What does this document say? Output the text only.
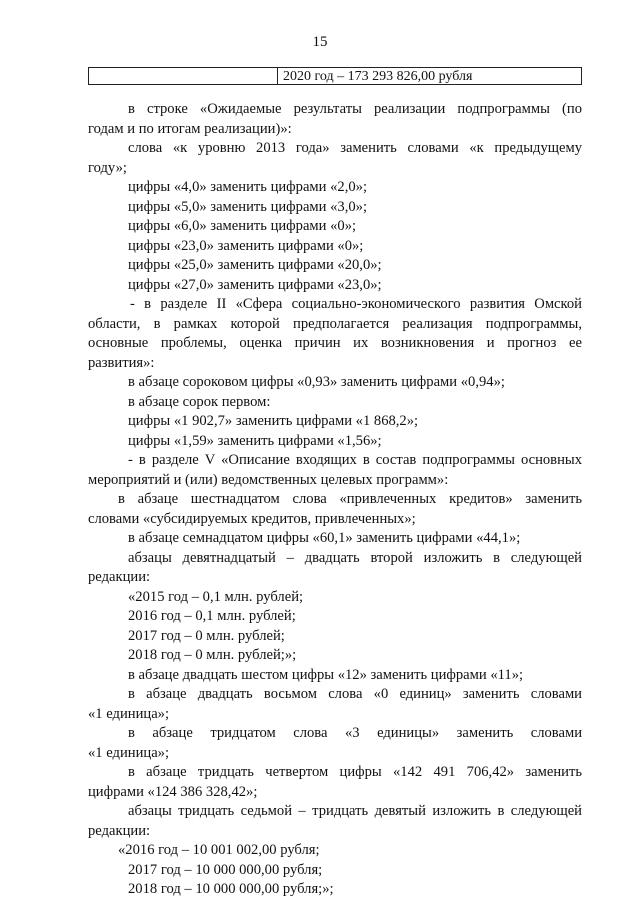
15
2020 год – 173 293 826,00 рубля

в строке «Ожидаемые результаты реализации подпрограммы (по

годам и по итогам реализации)»:

слова «к уровню 2013 года» заменить словами «к предыдущему

году»;

цифры «4,0» заменить цифрами «2,0»;

цифры «5,0» заменить цифрами «3,0»;

цифры «6,0» заменить цифрами «0»;

цифры «23,0» заменить цифрами «0»;

цифры «25,0» заменить цифрами «20,0»;

цифры «27,0» заменить цифрами «23,0»;

- в разделе II «Сфера социально-экономического развития Омской

области, в рамках которой предполагается реализация подпрограммы,

основные проблемы, оценка причин их возникновения и прогноз ее

развития»:

в абзаце сороковом цифры «0,93» заменить цифрами «0,94»;

в абзаце сорок первом:

цифры «1 902,7» заменить цифрами «1 868,2»;

цифры «1,59» заменить цифрами «1,56»;

- в разделе V «Описание входящих в состав подпрограммы основных

мероприятий и (или) ведомственных целевых программ»:

в абзаце шестнадцатом слова «привлеченных кредитов» заменить

словами «субсидируемых кредитов, привлеченных»;

в абзаце семнадцатом цифры «60,1» заменить цифрами «44,1»;

абзацы девятнадцатый – двадцать второй изложить в следующей

редакции:

«2015 год – 0,1 млн. рублей;

2016 год – 0,1 млн. рублей;

2017 год – 0 млн. рублей;

2018 год – 0 млн. рублей;»;

в абзаце двадцать шестом цифры «12» заменить цифрами «11»;

в абзаце двадцать восьмом слова «0 единиц» заменить словами

«1 единица»;

в абзаце тридцатом слова «3 единицы» заменить словами

«1 единица»;

в абзаце тридцать четвертом цифры «142 491 706,42» заменить

цифрами «124 386 328,42»;

абзацы тридцать седьмой – тридцать девятый изложить в следующей

редакции:

«2016 год – 10 001 002,00 рубля;

2017 год – 10 000 000,00 рубля;

2018 год – 10 000 000,00 рубля;»;
